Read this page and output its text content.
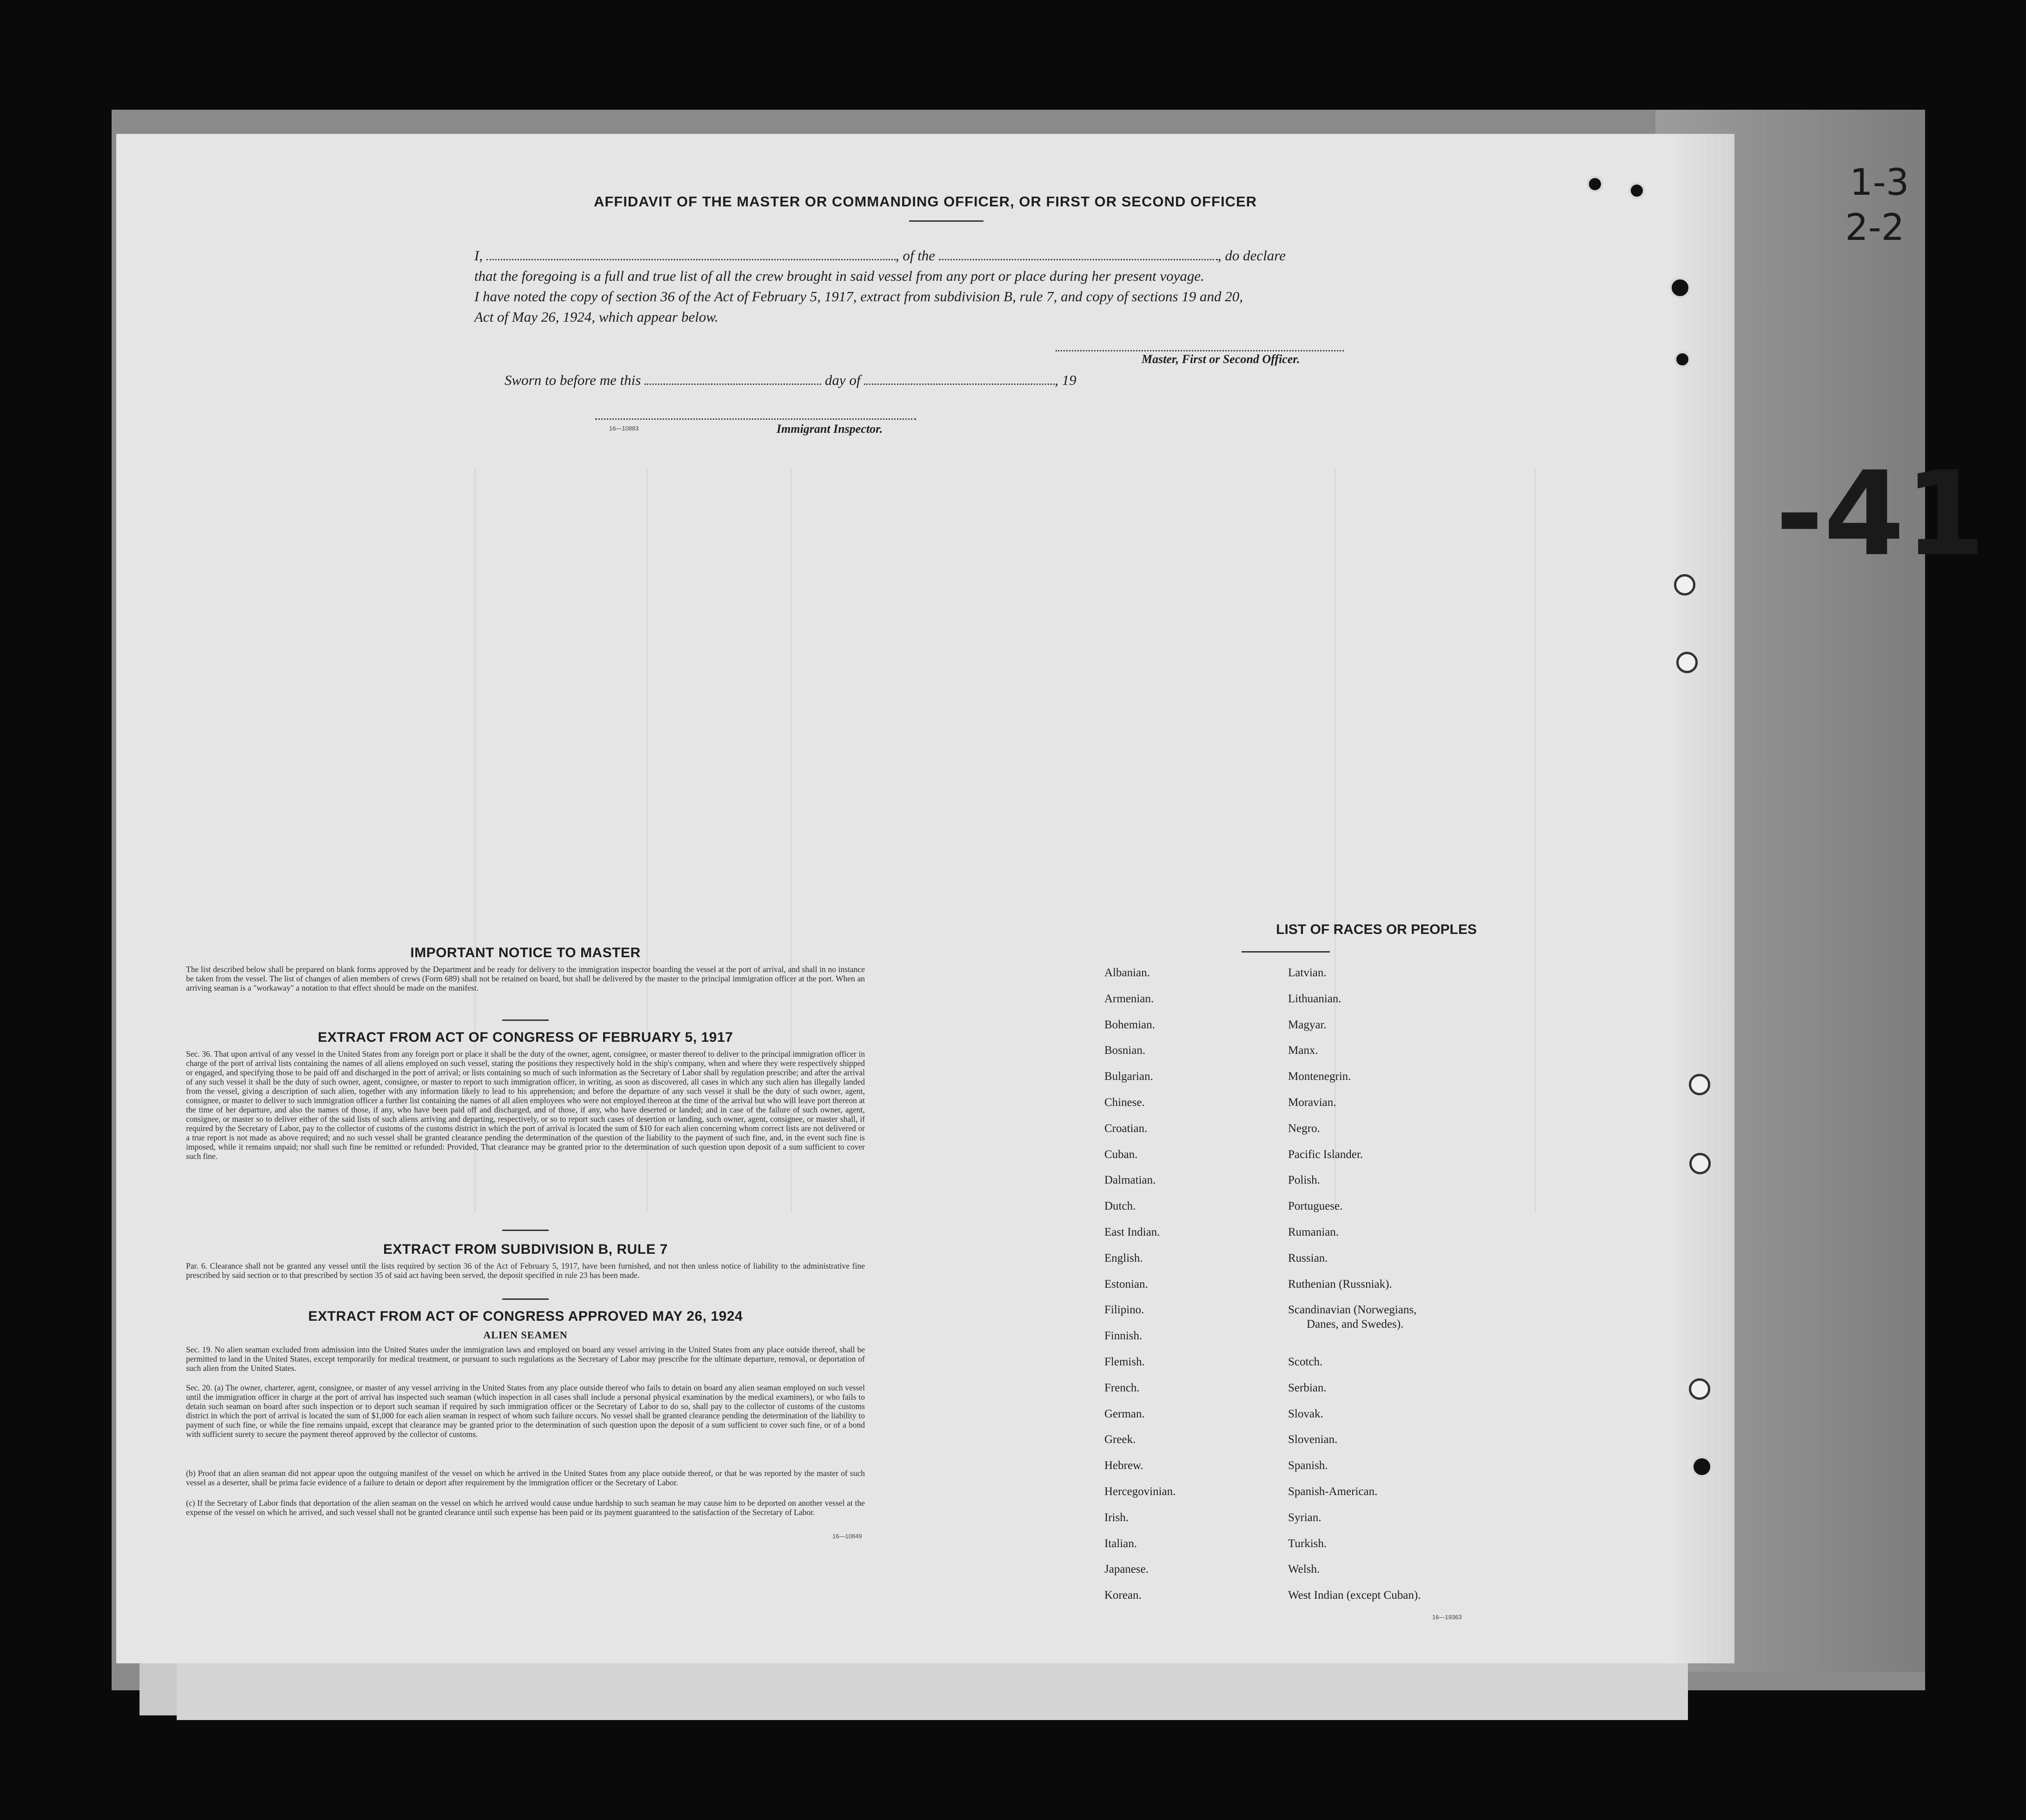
AFFIDAVIT OF THE MASTER OR COMMANDING OFFICER, OR FIRST OR SECOND OFFICER
I,	, of the	, do declare
that the foregoing is a full and true list of all the crew brought in said vessel from any port or place during her present voyage.
I have noted the copy of section 36 of the Act of February 5, 1917, extract from subdivision B, rule 7, and copy of sections 19 and 20,
Act of May 26, 1924, which appear below.
Master, First or Second Officer.
Sworn to before me this	day of	, 19
16—10883	Immigrant Inspector.
IMPORTANT NOTICE TO MASTER
The list described below shall be prepared on blank forms approved by the Department and be ready for delivery to the immigration inspector boarding the vessel at the port of arrival, and shall in no instance be taken from the vessel. The list of changes of alien members of crews (Form 689) shall not be retained on board, but shall be delivered by the master to the principal immigration officer at the port. When an arriving seaman is a "workaway" a notation to that effect should be made on the manifest.
EXTRACT FROM ACT OF CONGRESS OF FEBRUARY 5, 1917
Sec. 36. That upon arrival of any vessel in the United States from any foreign port or place it shall be the duty of the owner, agent, consignee, or master thereof to deliver to the principal immigration officer in charge of the port of arrival lists containing the names of all aliens employed on such vessel, stating the positions they respectively hold in the ship's company, when and where they were respectively shipped or engaged, and specifying those to be paid off and discharged in the port of arrival; or lists containing so much of such information as the Secretary of Labor shall by regulation prescribe; and after the arrival of any such vessel it shall be the duty of such owner, agent, consignee, or master to report to such immigration officer, in writing, as soon as discovered, all cases in which any such alien has illegally landed from the vessel, giving a description of such alien, together with any information likely to lead to his apprehension; and before the departure of any such vessel it shall be the duty of such owner, agent, consignee, or master to deliver to such immigration officer a further list containing the names of all alien employees who were not employed thereon at the time of the arrival but who will leave port thereon at the time of her departure, and also the names of those, if any, who have been paid off and discharged, and of those, if any, who have deserted or landed; and in case of the failure of such owner, agent, consignee, or master so to deliver either of the said lists of such aliens arriving and departing, respectively, or so to report such cases of desertion or landing, such owner, agent, consignee, or master shall, if required by the Secretary of Labor, pay to the collector of customs of the customs district in which the port of arrival is located the sum of $10 for each alien concerning whom correct lists are not delivered or a true report is not made as above required; and no such vessel shall be granted clearance pending the determination of the question of the liability to the payment of such fine, and, in the event such fine is imposed, while it remains unpaid; nor shall such fine be remitted or refunded: Provided, That clearance may be granted prior to the determination of such question upon deposit of a sum sufficient to cover such fine.
EXTRACT FROM SUBDIVISION B, RULE 7
Par. 6. Clearance shall not be granted any vessel until the lists required by section 36 of the Act of February 5, 1917, have been furnished, and not then unless notice of liability to the administrative fine prescribed by said section or to that prescribed by section 35 of said act having been served, the deposit specified in rule 23 has been made.
EXTRACT FROM ACT OF CONGRESS APPROVED MAY 26, 1924
ALIEN SEAMEN
Sec. 19. No alien seaman excluded from admission into the United States under the immigration laws and employed on board any vessel arriving in the United States from any place outside thereof, shall be permitted to land in the United States, except temporarily for medical treatment, or pursuant to such regulations as the Secretary of Labor may prescribe for the ultimate departure, removal, or deportation of such alien from the United States.
Sec. 20. (a) The owner, charterer, agent, consignee, or master of any vessel arriving in the United States from any place outside thereof who fails to detain on board any alien seaman employed on such vessel until the immigration officer in charge at the port of arrival has inspected such seaman (which inspection in all cases shall include a personal physical examination by the medical examiners), or who fails to detain such seaman on board after such inspection or to deport such seaman if required by such immigration officer or the Secretary of Labor to do so, shall pay to the collector of customs of the customs district in which the port of arrival is located the sum of $1,000 for each alien seaman in respect of whom such failure occurs. No vessel shall be granted clearance pending the determination of the liability to payment of such fine, or while the fine remains unpaid, except that clearance may be granted prior to the determination of such question upon the deposit of a sum sufficient to cover such fine, or of a bond with sufficient surety to secure the payment thereof approved by the collector of customs.
(b) Proof that an alien seaman did not appear upon the outgoing manifest of the vessel on which he arrived in the United States from any place outside thereof, or that he was reported by the master of such vessel as a deserter, shall be prima facie evidence of a failure to detain or deport after requirement by the immigration officer or the Secretary of Labor.
(c) If the Secretary of Labor finds that deportation of the alien seaman on the vessel on which he arrived would cause undue hardship to such seaman he may cause him to be deported on another vessel at the expense of the vessel on which he arrived, and such vessel shall not be granted clearance until such expense has been paid or its payment guaranteed to the satisfaction of the Secretary of Labor.
16—10849
LIST OF RACES OR PEOPLES
16—19363
Albanian.
Armenian.
Bohemian.
Bosnian.
Bulgarian.
Chinese.
Croatian.
Cuban.
Dalmatian.
Dutch.
East Indian.
English.
Estonian.
Filipino.
Finnish.
Flemish.
French.
German.
Greek.
Hebrew.
Hercegovinian.
Irish.
Italian.
Japanese.
Korean.
Latvian.
Lithuanian.
Magyar.
Manx.
Montenegrin.
Moravian.
Negro.
Pacific Islander.
Polish.
Portuguese.
Rumanian.
Russian.
Ruthenian (Russniak).
Scandinavian (Norwegians,
Danes, and Swedes).
Scotch.
Serbian.
Slovak.
Slovenian.
Spanish.
Spanish-American.
Syrian.
Turkish.
Welsh.
West Indian (except Cuban).
1-3
2-2
-41
